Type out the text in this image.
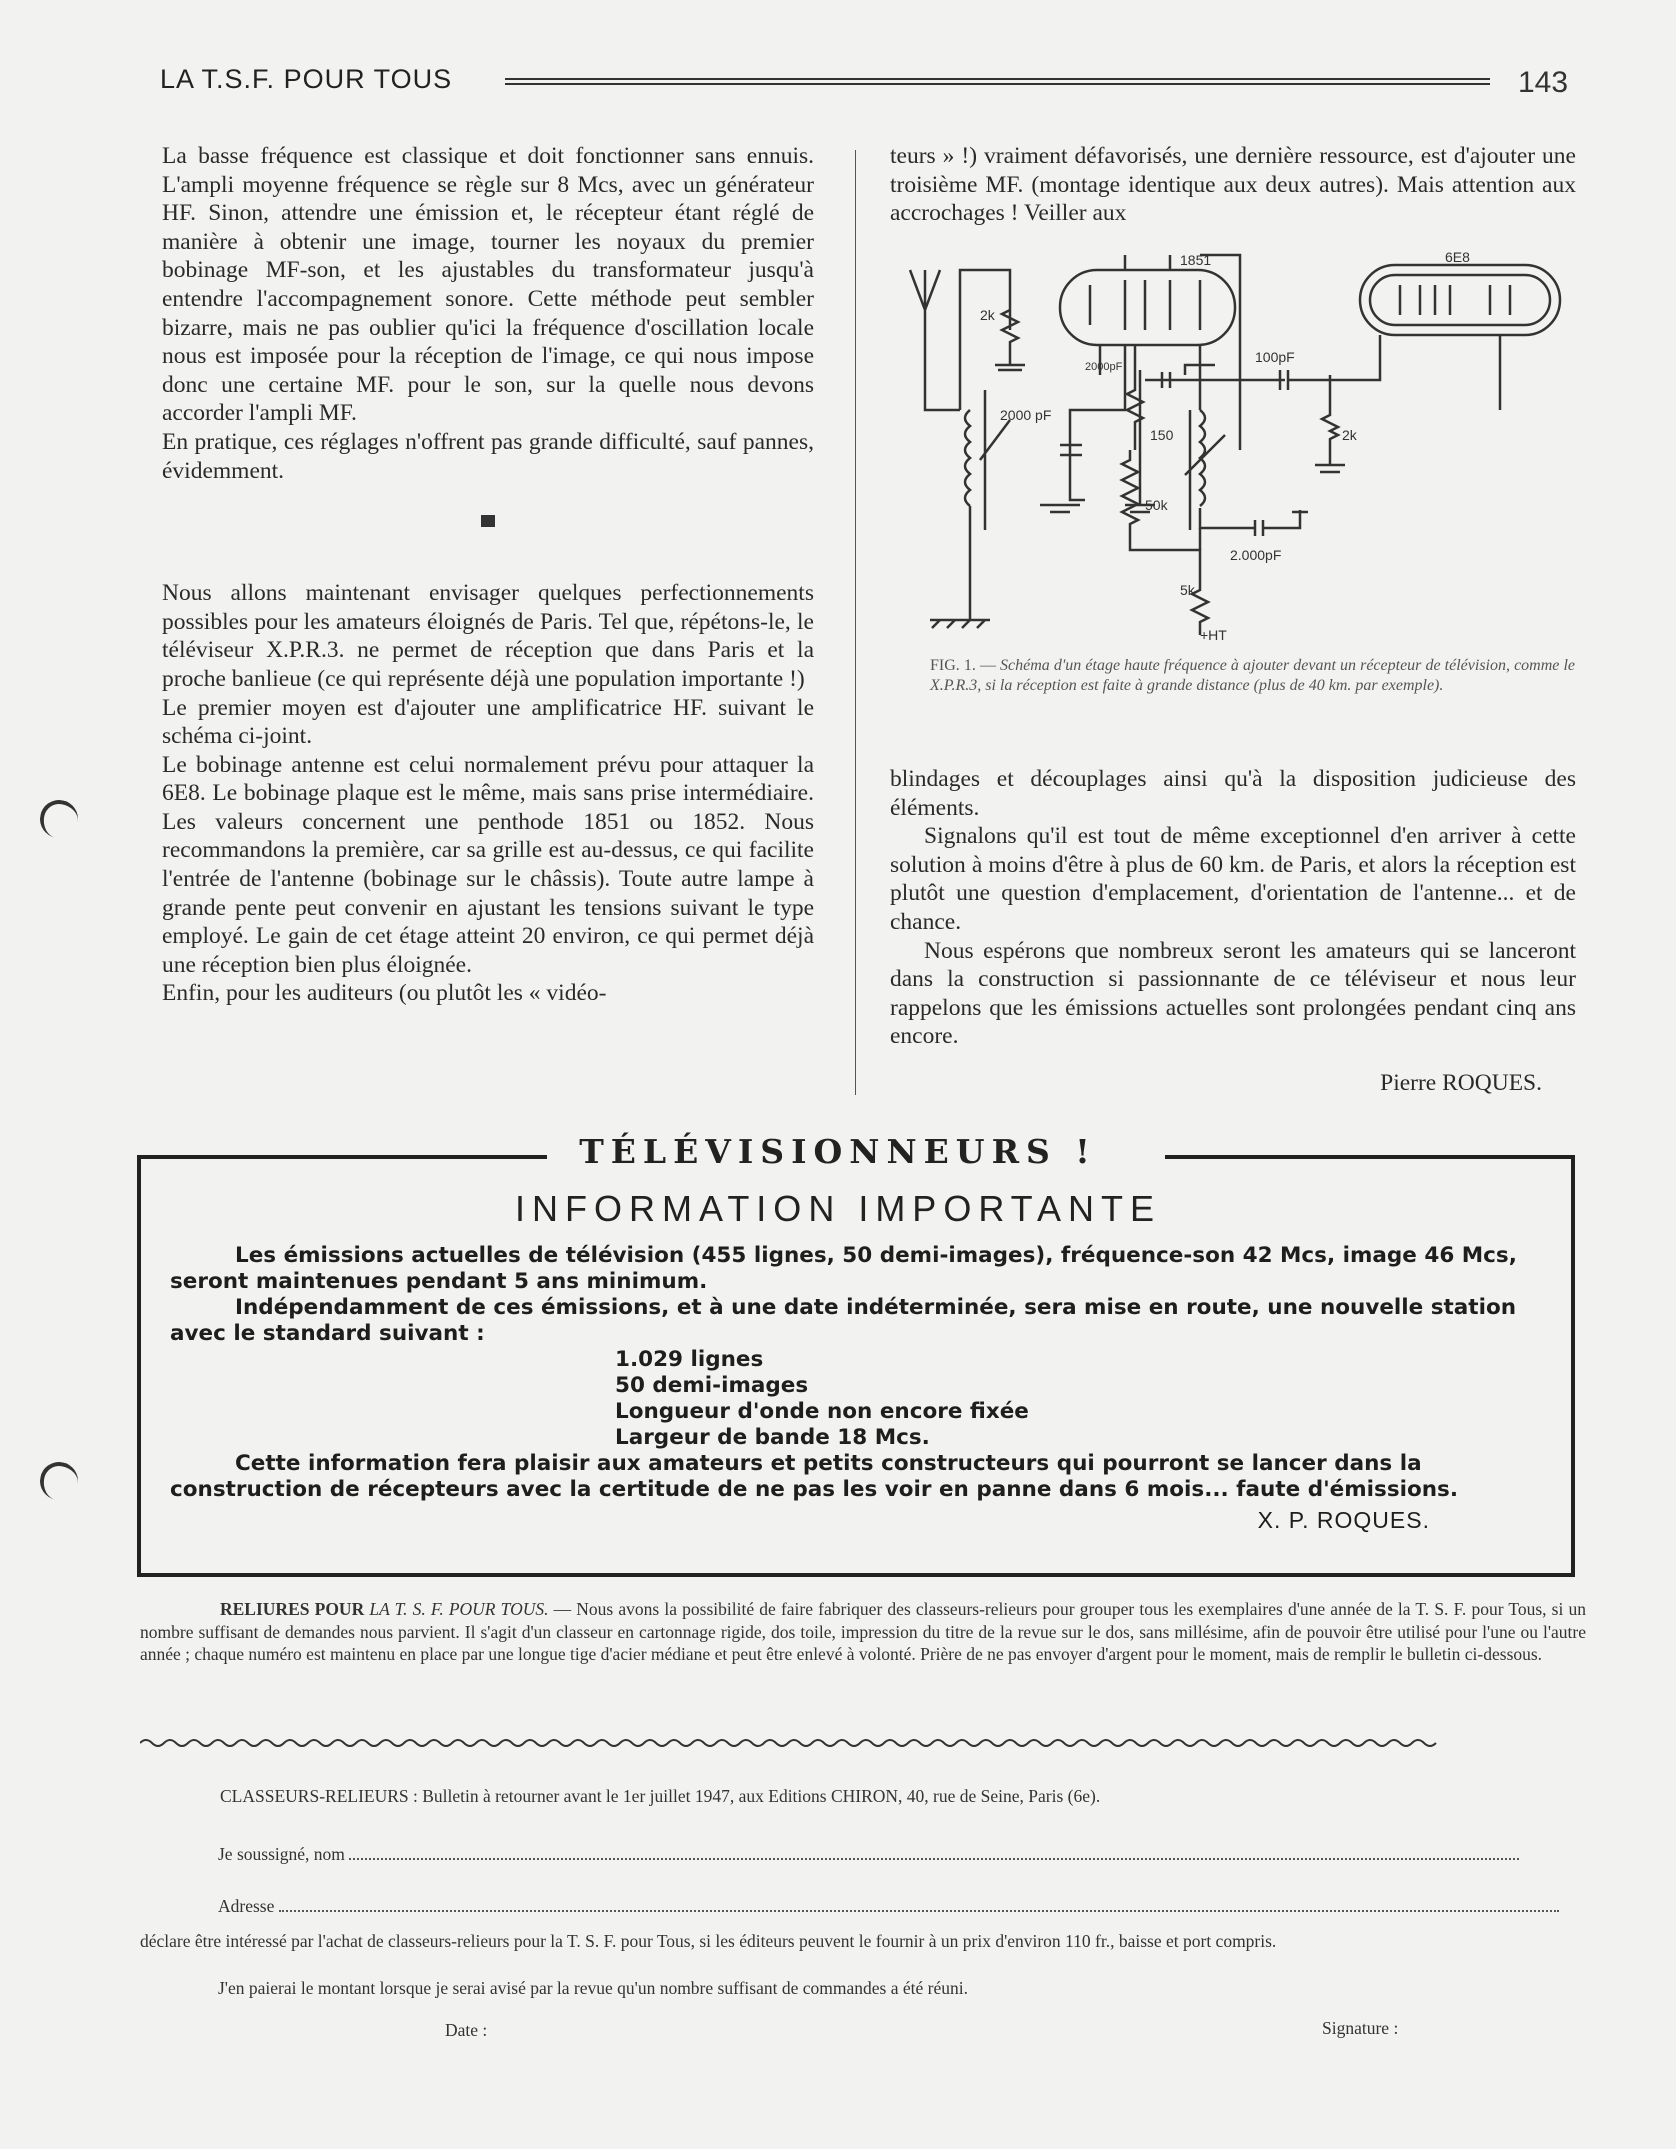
LA T.S.F. POUR TOUS	143

La basse fréquence est classique et doit fonctionner sans ennuis. L'ampli moyenne fréquence se règle sur 8 Mcs, avec un générateur HF. Sinon, attendre une émission et, le récepteur étant réglé de manière à obtenir une image, tourner les noyaux du premier bobinage MF-son, et les ajustables du transformateur jusqu'à entendre l'accompagnement sonore. Cette méthode peut sembler bizarre, mais ne pas oublier qu'ici la fréquence d'oscillation locale nous est imposée pour la réception de l'image, ce qui nous impose donc une certaine MF. pour le son, sur la quelle nous devons accorder l'ampli MF.

En pratique, ces réglages n'offrent pas grande difficulté, sauf pannes, évidemment.

Nous allons maintenant envisager quelques perfectionnements possibles pour les amateurs éloignés de Paris. Tel que, répétons-le, le téléviseur X.P.R.3. ne permet de réception que dans Paris et la proche banlieue (ce qui représente déjà une population importante !)

Le premier moyen est d'ajouter une amplificatrice HF. suivant le schéma ci-joint.

Le bobinage antenne est celui normalement prévu pour attaquer la 6E8. Le bobinage plaque est le même, mais sans prise intermédiaire. Les valeurs concernent une penthode 1851 ou 1852. Nous recommandons la première, car sa grille est au-dessus, ce qui facilite l'entrée de l'antenne (bobinage sur le châssis). Toute autre lampe à grande pente peut convenir en ajustant les tensions suivant le type employé. Le gain de cet étage atteint 20 environ, ce qui permet déjà une réception bien plus éloignée.

Enfin, pour les auditeurs (ou plutôt les « vidéo-

teurs » !) vraiment défavorisés, une dernière ressource, est d'ajouter une troisième MF. (montage identique aux deux autres). Mais attention aux accrochages ! Veiller aux
1851	6E8
2k
2000pF
100pF
2000 pF
150
50k
2k
5k
2.000pF
+HT
FIG. 1. — Schéma d'un étage haute fréquence à ajouter devant un récepteur de télévision, comme le X.P.R.3, si la réception est faite à grande distance (plus de 40 km. par exemple).

blindages et découplages ainsi qu'à la disposition judicieuse des éléments.

Signalons qu'il est tout de même exceptionnel d'en arriver à cette solution à moins d'être à plus de 60 km. de Paris, et alors la réception est plutôt une question d'emplacement, d'orientation de l'antenne... et de chance.

Nous espérons que nombreux seront les amateurs qui se lanceront dans la construction si passionnante de ce téléviseur et nous leur rappelons que les émissions actuelles sont prolongées pendant cinq ans encore.

Pierre ROQUES.

TÉLÉVISIONNEURS !
INFORMATION IMPORTANTE

Les émissions actuelles de télévision (455 lignes, 50 demi-images), fréquence-son 42 Mcs, image 46 Mcs, seront maintenues pendant 5 ans minimum.

Indépendamment de ces émissions, et à une date indéterminée, sera mise en route, une nouvelle station avec le standard suivant :

1.029 lignes

50 demi-images

Longueur d'onde non encore fixée

Largeur de bande 18 Mcs.

Cette information fera plaisir aux amateurs et petits constructeurs qui pourront se lancer dans la construction de récepteurs avec la certitude de ne pas les voir en panne dans 6 mois... faute d'émissions.

X. P. ROQUES.

RELIURES POUR LA T. S. F. POUR TOUS. — Nous avons la possibilité de faire fabriquer des classeurs-relieurs pour grouper tous les exemplaires d'une année de la T. S. F. pour Tous, si un nombre suffisant de demandes nous parvient. Il s'agit d'un classeur en cartonnage rigide, dos toile, impression du titre de la revue sur le dos, sans millésime, afin de pouvoir être utilisé pour l'une ou l'autre année ; chaque numéro est maintenu en place par une longue tige d'acier médiane et peut être enlevé à volonté. Prière de ne pas envoyer d'argent pour le moment, mais de remplir le bulletin ci-dessous.

CLASSEURS-RELIEURS : Bulletin à retourner avant le 1er juillet 1947, aux Editions CHIRON, 40, rue de Seine, Paris (6e).
Je soussigné, nom
Adresse
déclare être intéressé par l'achat de classeurs-relieurs pour la T. S. F. pour Tous, si les éditeurs peuvent le fournir à un prix d'environ 110 fr., baisse et port compris.
J'en paierai le montant lorsque je serai avisé par la revue qu'un nombre suffisant de commandes a été réuni.
Date :	Signature :
